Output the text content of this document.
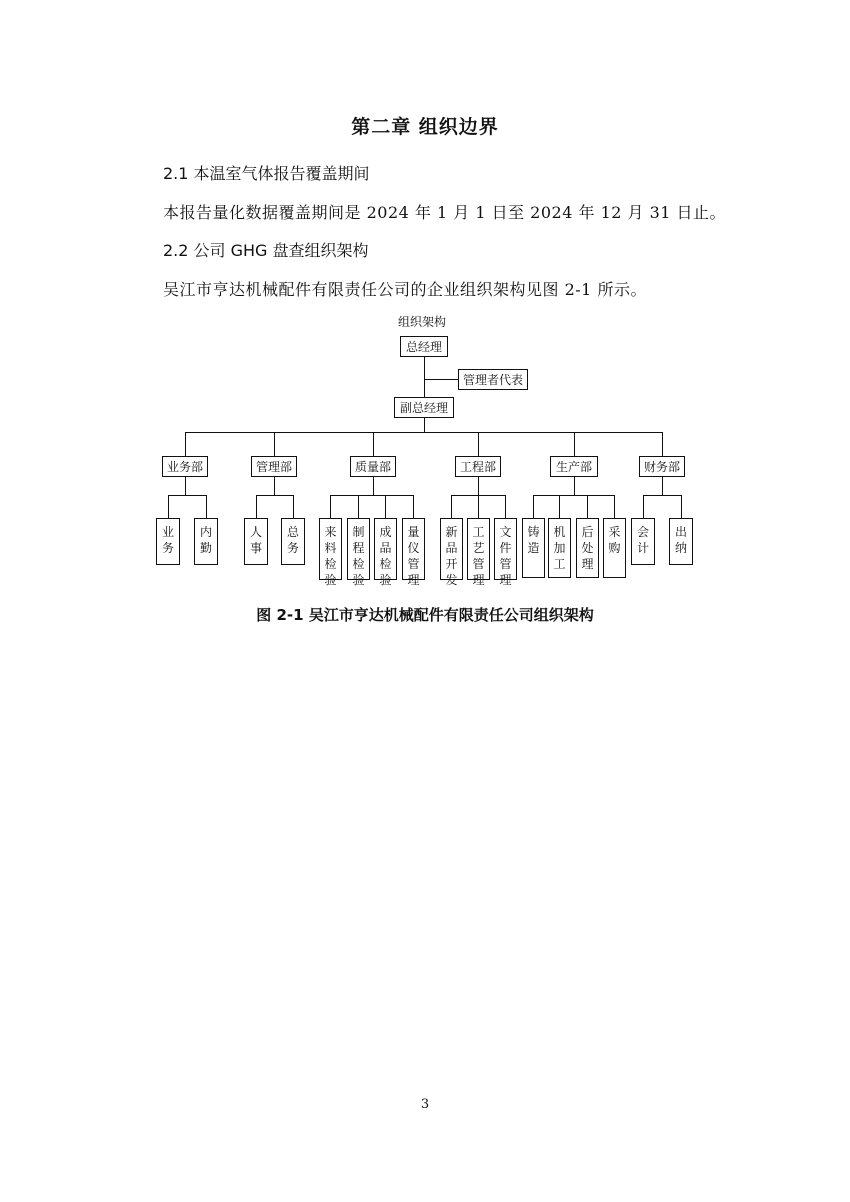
第二章 组织边界
2.1 本温室气体报告覆盖期间
本报告量化数据覆盖期间是 2024 年 1 月 1 日至 2024 年 12 月 31 日止。
2.2 公司 GHG 盘查组织架构
吴江市亨达机械配件有限责任公司的企业组织架构见图 2-1 所示。
组织架构
总经理
管理者代表
副总经理
业务部
业
务
内
勤
管理部
人
事
总
务
质量部
来
料
检
验
制
程
检
验
成
品
检
验
量
仪
管
理
工程部
新
品
开
发
工
艺
管
理
文
件
管
理
生产部
铸
造
机
加
工
后
处
理
采
购
财务部
会
计
出
纳
图 2-1 吴江市亨达机械配件有限责任公司组织架构
3
